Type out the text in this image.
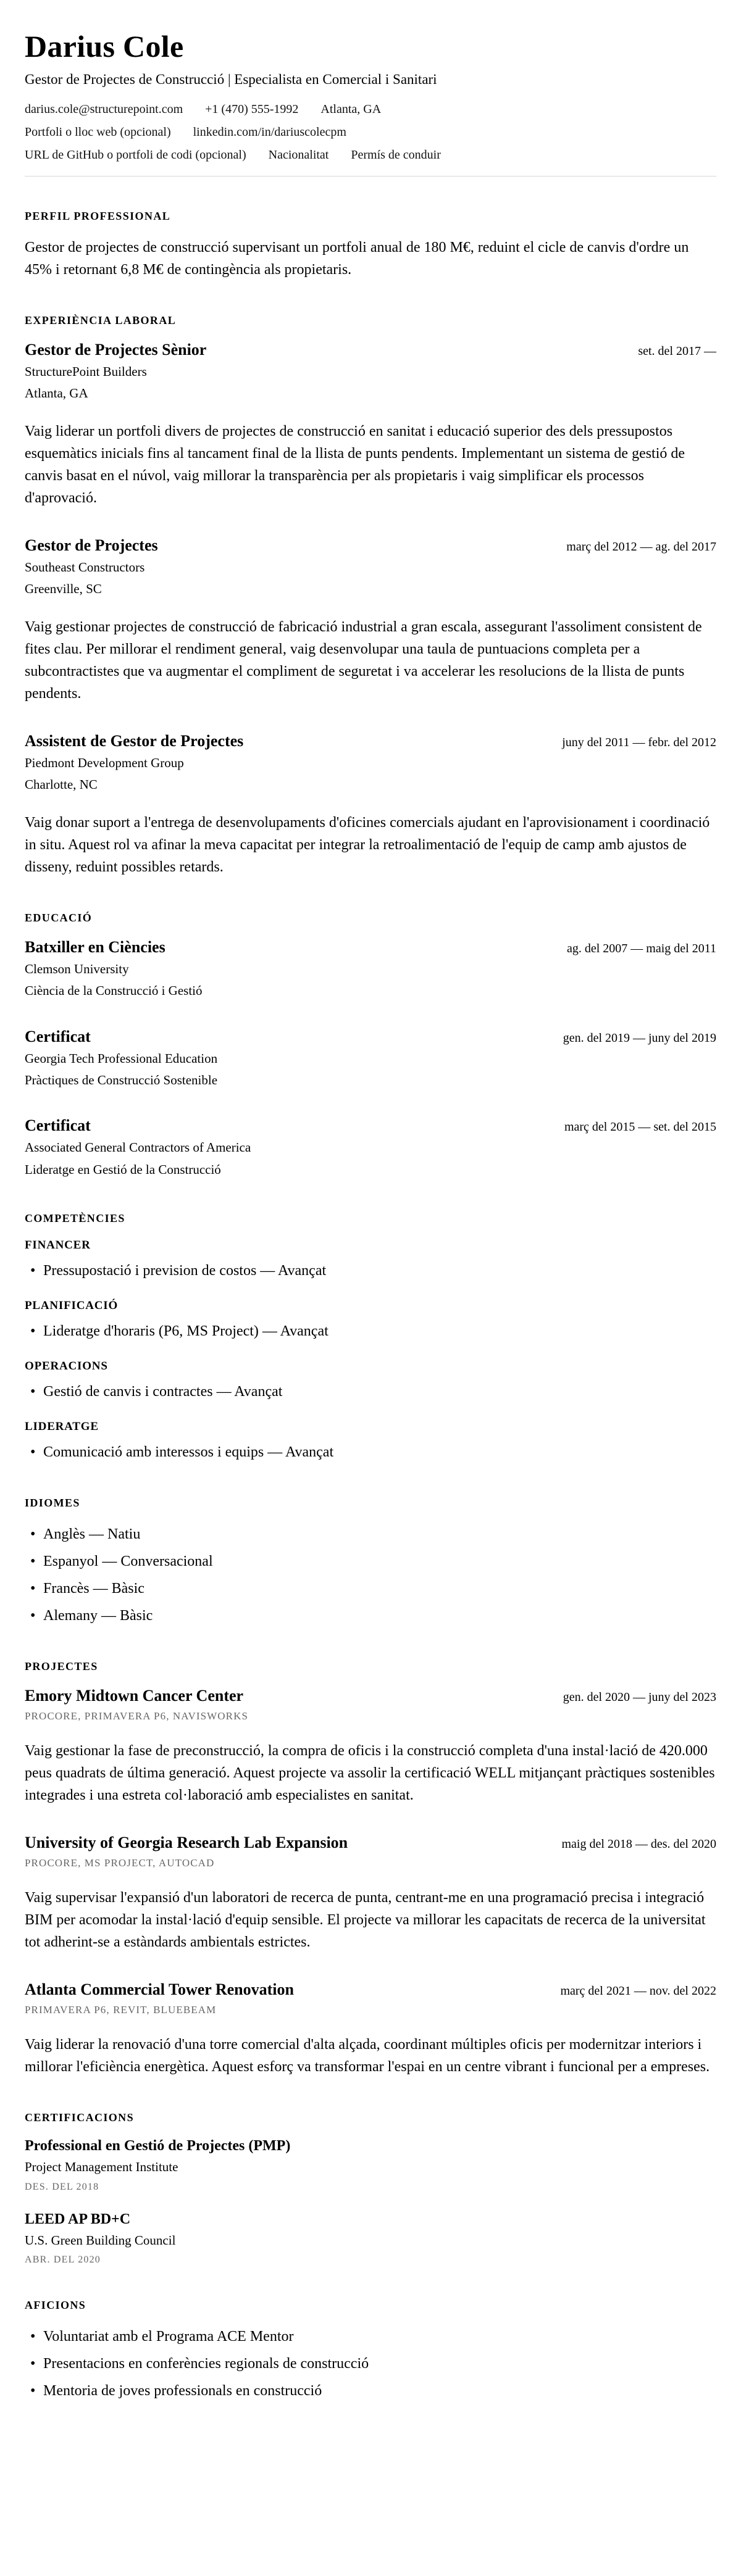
Darius Cole
Gestor de Projectes de Construcció | Especialista en Comercial i Sanitari
darius.cole@structurepoint.com +1 (470) 555-1992 Atlanta, GA
Portfoli o lloc web (opcional) linkedin.com/in/dariuscolecpm
URL de GitHub o portfoli de codi (opcional) Nacionalitat Permís de conduir
PERFIL PROFESSIONAL

Gestor de projectes de construcció supervisant un portfoli anual de 180 M€, reduint el cicle de canvis d'ordre un 45% i retornant 6,8 M€ de contingència als propietaris.

EXPERIÈNCIA LABORAL
Gestor de Projectes Sènior	set. del 2017 —
StructurePoint Builders
Atlanta, GA

Vaig liderar un portfoli divers de projectes de construcció en sanitat i educació superior des dels pressupostos esquemàtics inicials fins al tancament final de la llista de punts pendents. Implementant un sistema de gestió de canvis basat en el núvol, vaig millorar la transparència per als propietaris i vaig simplificar els processos d'aprovació.

Gestor de Projectes	març del 2012 — ag. del 2017
Southeast Constructors
Greenville, SC

Vaig gestionar projectes de construcció de fabricació industrial a gran escala, assegurant l'assoliment consistent de fites clau. Per millorar el rendiment general, vaig desenvolupar una taula de puntuacions completa per a subcontractistes que va augmentar el compliment de seguretat i va accelerar les resolucions de la llista de punts pendents.

Assistent de Gestor de Projectes	juny del 2011 — febr. del 2012
Piedmont Development Group
Charlotte, NC

Vaig donar suport a l'entrega de desenvolupaments d'oficines comercials ajudant en l'aprovisionament i coordinació in situ. Aquest rol va afinar la meva capacitat per integrar la retroalimentació de l'equip de camp amb ajustos de disseny, reduint possibles retards.

EDUCACIÓ
Batxiller en Ciències	ag. del 2007 — maig del 2011
Clemson University
Ciència de la Construcció i Gestió
Certificat	gen. del 2019 — juny del 2019
Georgia Tech Professional Education
Pràctiques de Construcció Sostenible
Certificat	març del 2015 — set. del 2015
Associated General Contractors of America
Lideratge en Gestió de la Construcció
COMPETÈNCIES
FINANCER
• Pressupostació i prevision de costos — Avançat
PLANIFICACIÓ
• Lideratge d'horaris (P6, MS Project) — Avançat
OPERACIONS
• Gestió de canvis i contractes — Avançat
LIDERATGE
• Comunicació amb interessos i equips — Avançat
IDIOMES
• Anglès — Natiu
• Espanyol — Conversacional
• Francès — Bàsic
• Alemany — Bàsic
PROJECTES
Emory Midtown Cancer Center	gen. del 2020 — juny del 2023
PROCORE, PRIMAVERA P6, NAVISWORKS

Vaig gestionar la fase de preconstrucció, la compra de oficis i la construcció completa d'una instal·lació de 420.000 peus quadrats de última generació. Aquest projecte va assolir la certificació WELL mitjançant pràctiques sostenibles integrades i una estreta col·laboració amb especialistes en sanitat.

University of Georgia Research Lab Expansion	maig del 2018 — des. del 2020
PROCORE, MS PROJECT, AUTOCAD

Vaig supervisar l'expansió d'un laboratori de recerca de punta, centrant-me en una programació precisa i integració BIM per acomodar la instal·lació d'equip sensible. El projecte va millorar les capacitats de recerca de la universitat tot adherint-se a estàndards ambientals estrictes.

Atlanta Commercial Tower Renovation	març del 2021 — nov. del 2022
PRIMAVERA P6, REVIT, BLUEBEAM

Vaig liderar la renovació d'una torre comercial d'alta alçada, coordinant múltiples oficis per modernitzar interiors i millorar l'eficiència energètica. Aquest esforç va transformar l'espai en un centre vibrant i funcional per a empreses.

CERTIFICACIONS
Professional en Gestió de Projectes (PMP)
Project Management Institute
DES. DEL 2018
LEED AP BD+C
U.S. Green Building Council
ABR. DEL 2020
AFICIONS
• Voluntariat amb el Programa ACE Mentor
• Presentacions en conferències regionals de construcció
• Mentoria de joves professionals en construcció
